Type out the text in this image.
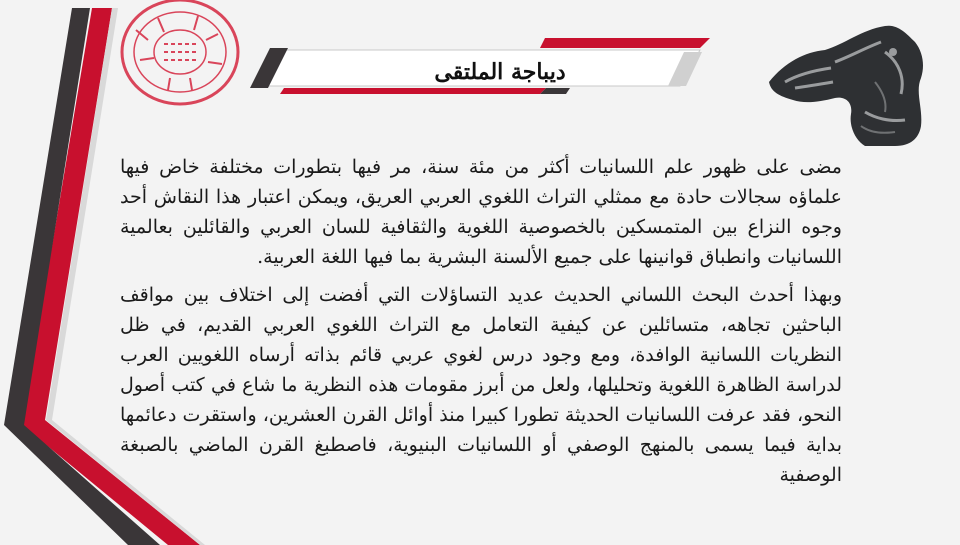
ديباجة الملتقى

مضى على ظهور علم اللسانيات أكثر من مئة سنة، مر فيها بتطورات مختلفة خاض فيها علماؤه سجالات حادة مع ممثلي التراث اللغوي العربي العريق، ويمكن اعتبار هذا النقاش أحد وجوه النزاع بين المتمسكين بالخصوصية اللغوية والثقافية للسان العربي والقائلين بعالمية اللسانيات وانطباق قوانينها على جميع الألسنة البشرية بما فيها اللغة العربية.

وبهذا أحدث البحث اللساني الحديث عديد التساؤلات التي أفضت إلى اختلاف بين مواقف الباحثين تجاهه، متسائلين عن كيفية التعامل مع التراث اللغوي العربي القديم، في ظل النظريات اللسانية الوافدة، ومع وجود درس لغوي عربي قائم بذاته أرساه اللغويين العرب لدراسة الظاهرة اللغوية وتحليلها، ولعل من أبرز مقومات هذه النظرية ما شاع في كتب أصول النحو، فقد عرفت اللسانيات الحديثة تطورا كبيرا منذ أوائل القرن العشرين، واستقرت دعائمها بداية فيما يسمى بالمنهج الوصفي أو اللسانيات البنيوية، فاصطبغ القرن الماضي بالصبغة الوصفية
